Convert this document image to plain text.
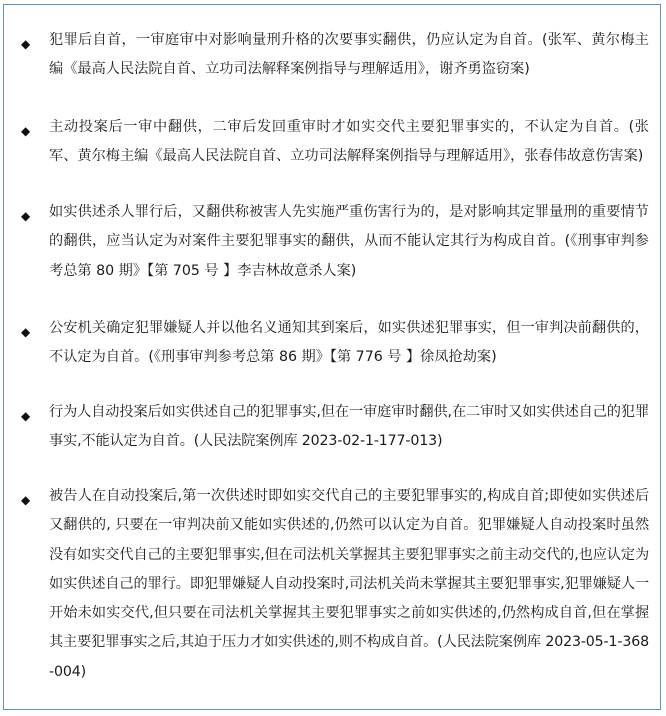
◆ 犯罪后自首，一审庭审中对影响量刑升格的次要事实翻供，仍应认定为自首。(张军、黄尔梅主编《最高人民法院自首、立功司法解释案例指导与理解适用》，谢齐勇盗窃案)
◆ 主动投案后一审中翻供，二审后发回重审时才如实交代主要犯罪事实的，不认定为自首。(张军、黄尔梅主编《最高人民法院自首、立功司法解释案例指导与理解适用》，张春伟故意伤害案)
◆ 如实供述杀人罪行后，又翻供称被害人先实施严重伤害行为的，是对影响其定罪量刑的重要情节的翻供，应当认定为对案件主要犯罪事实的翻供，从而不能认定其行为构成自首。(《刑事审判参考总第 80 期》【第 705 号 】李吉林故意杀人案)
◆ 公安机关确定犯罪嫌疑人并以他名义通知其到案后，如实供述犯罪事实，但一审判决前翻供的，不认定为自首。(《刑事审判参考总第 86 期》【第 776 号 】徐凤抢劫案)
◆ 行为人自动投案后如实供述自己的犯罪事实,但在一审庭审时翻供,在二审时又如实供述自己的犯罪事实,不能认定为自首。(人民法院案例库 2023-02-1-177-013)
◆ 被告人在自动投案后,第一次供述时即如实交代自己的主要犯罪事实的,构成自首;即使如实供述后又翻供的, 只要在一审判决前又能如实供述的,仍然可以认定为自首。犯罪嫌疑人自动投案时虽然没有如实交代自己的主要犯罪事实,但在司法机关掌握其主要犯罪事实之前主动交代的,也应认定为如实供述自己的罪行。即犯罪嫌疑人自动投案时,司法机关尚未掌握其主要犯罪事实,犯罪嫌疑人一开始未如实交代,但只要在司法机关掌握其主要犯罪事实之前如实供述的,仍然构成自首,但在掌握其主要犯罪事实之后,其迫于压力才如实供述的,则不构成自首。(人民法院案例库 2023-05-1-368-004)
